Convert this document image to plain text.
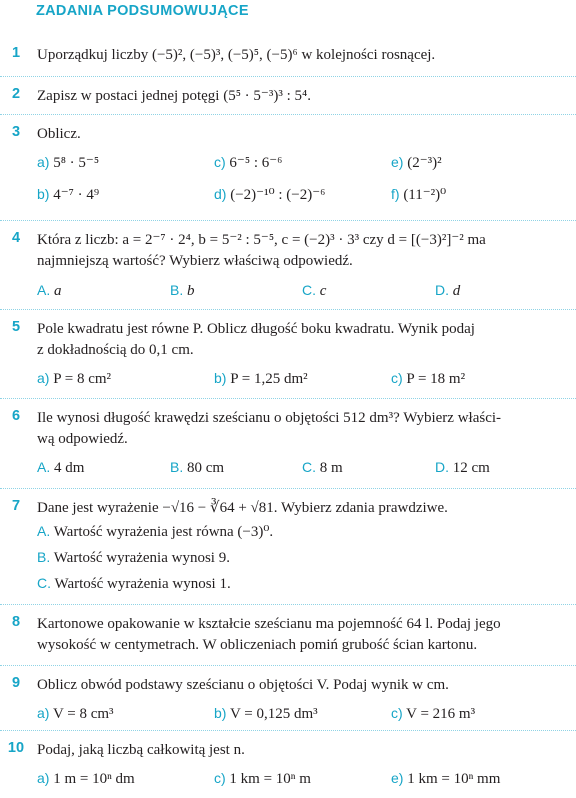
ZADANIA PODSUMOWUJĄCE
1	Uporządkuj liczby (−5)², (−5)³, (−5)⁵, (−5)⁶ w kolejności rosnącej.
2	Zapisz w postaci jednej potęgi (5⁵ · 5⁻³)³ : 5⁴.
3	Oblicz.
a) 5⁸ · 5⁻⁵	c) 6⁻⁵ : 6⁻⁶	e) (2⁻³)²
b) 4⁻⁷ · 4⁹	d) (−2)⁻¹⁰ : (−2)⁻⁶	f) (11⁻²)⁰
4	Która z liczb: a = 2⁻⁷ · 2⁴, b = 5⁻² : 5⁻⁵, c = (−2)³ · 3³ czy d = [(−3)²]⁻² ma
najmniejszą wartość? Wybierz właściwą odpowiedź.
A. a	B. b	C. c	D. d
5	Pole kwadratu jest równe P. Oblicz długość boku kwadratu. Wynik podaj
z dokładnością do 0,1 cm.
a) P = 8 cm²	b) P = 1,25 dm²	c) P = 18 m²
6	Ile wynosi długość krawędzi sześcianu o objętości 512 dm³? Wybierz właści-
wą odpowiedź.
A. 4 dm	B. 80 cm	C. 8 m	D. 12 cm
7	Dane jest wyrażenie −√16 − ∛64 + √81. Wybierz zdania prawdziwe.
A. Wartość wyrażenia jest równa (−3)⁰.
B. Wartość wyrażenia wynosi 9.
C. Wartość wyrażenia wynosi 1.
8	Kartonowe opakowanie w kształcie sześcianu ma pojemność 64 l. Podaj jego
wysokość w centymetrach. W obliczeniach pomiń grubość ścian kartonu.
9	Oblicz obwód podstawy sześcianu o objętości V. Podaj wynik w cm.
a) V = 8 cm³	b) V = 0,125 dm³	c) V = 216 m³
10 Podaj, jaką liczbą całkowitą jest n.
a) 1 m = 10ⁿ dm	c) 1 km = 10ⁿ m	e) 1 km = 10ⁿ mm
